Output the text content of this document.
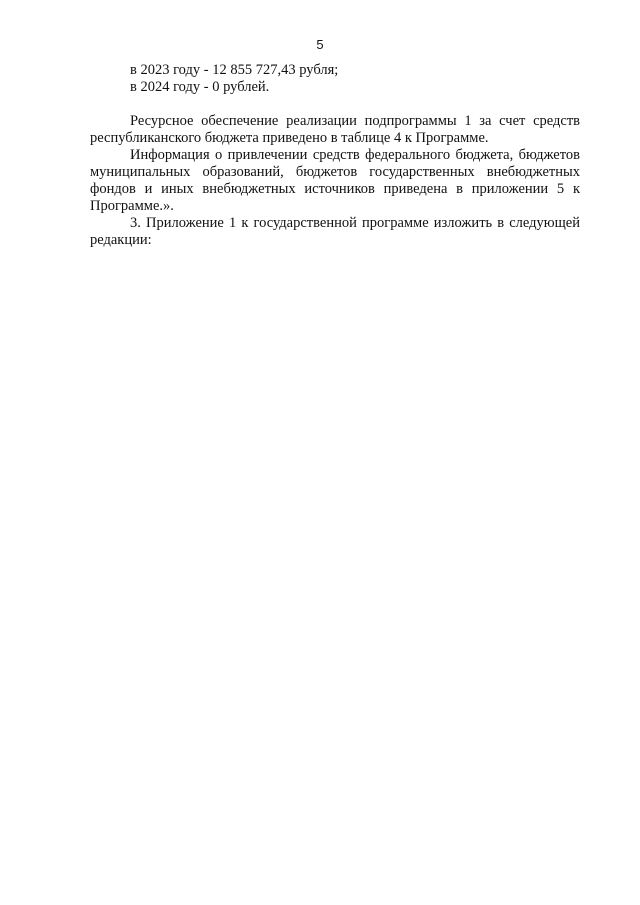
5

в 2023 году - 12 855 727,43 рубля;

в 2024 году - 0 рублей.

Ресурсное обеспечение реализации подпрограммы 1 за счет средств республиканского бюджета приведено в таблице 4 к Программе.

Информация о привлечении средств федерального бюджета, бюджетов муниципальных образований, бюджетов государственных внебюджетных фондов и иных внебюджетных источников приведена в приложении 5 к Программе.».

3. Приложение 1 к государственной программе изложить в следующей редакции:
